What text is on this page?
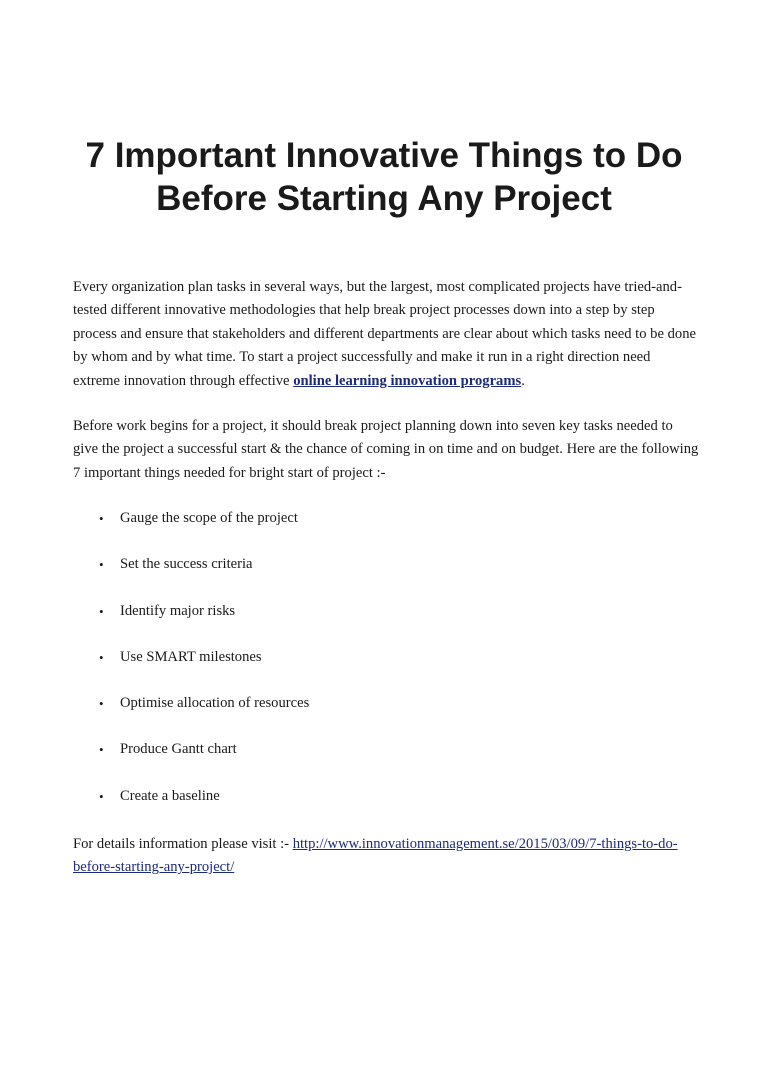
7 Important Innovative Things to Do Before Starting Any Project

Every organization plan tasks in several ways, but the largest, most complicated projects have tried-and-tested different innovative methodologies that help break project processes down into a step by step process and ensure that stakeholders and different departments are clear about which tasks need to be done by whom and by what time. To start a project successfully and make it run in a right direction need extreme innovation through effective online learning innovation programs.

Before work begins for a project, it should break project planning down into seven key tasks needed to give the project a successful start & the chance of coming in on time and on budget. Here are the following 7 important things needed for bright start of project :-

• Gauge the scope of the project
• Set the success criteria
• Identify major risks
• Use SMART milestones
• Optimise allocation of resources
• Produce Gantt chart
• Create a baseline

For details information please visit :- http://www.innovationmanagement.se/2015/03/09/7-things-to-do-before-starting-any-project/
